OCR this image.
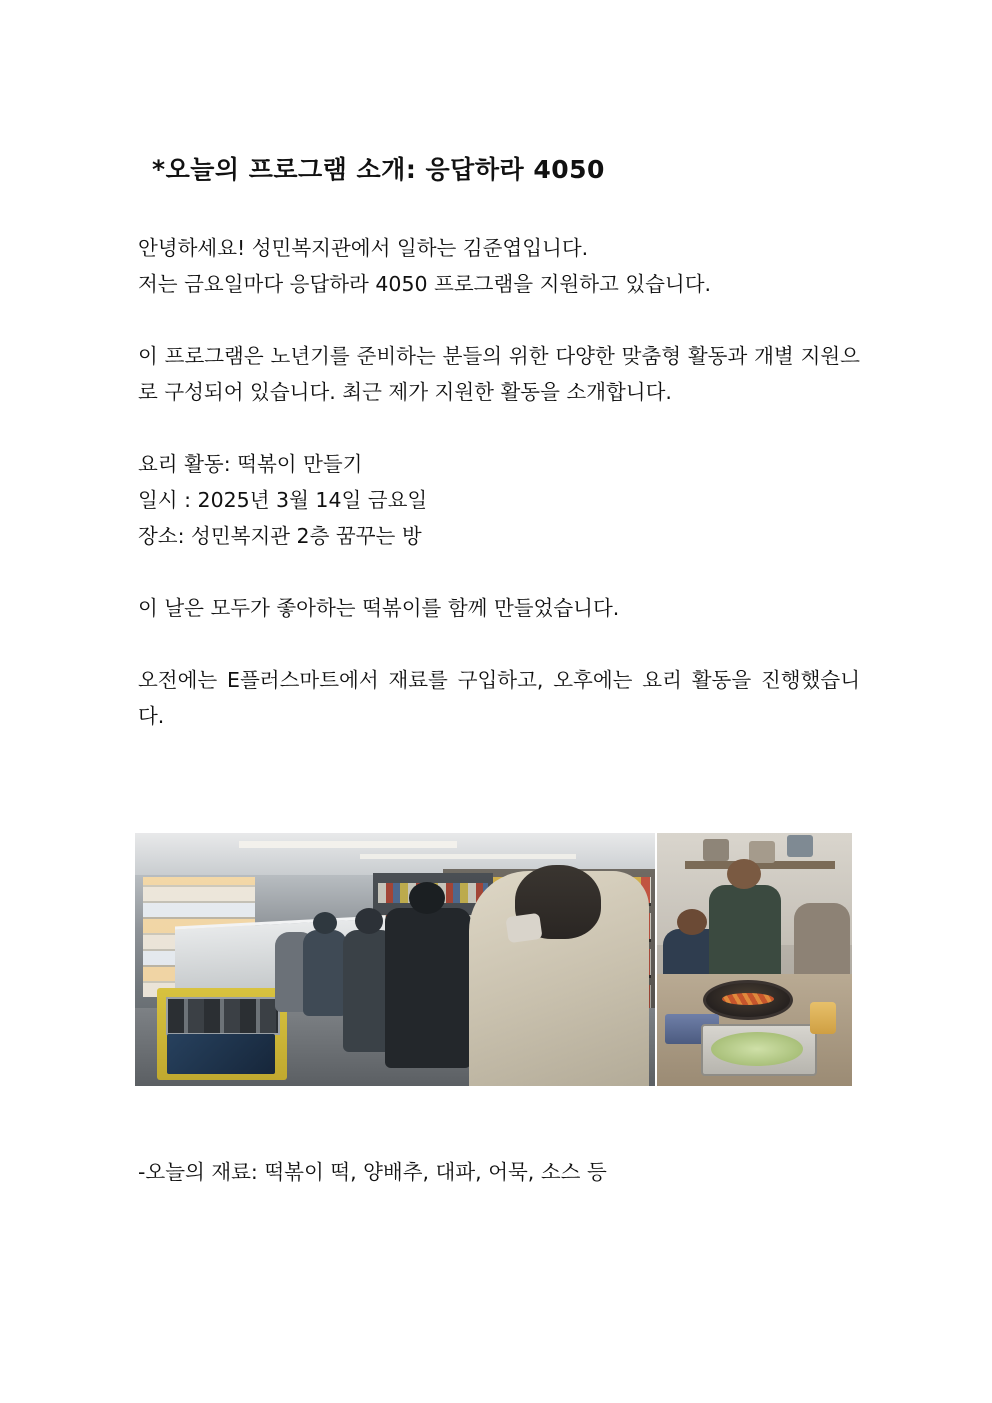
*오늘의 프로그램 소개: 응답하라 4050

안녕하세요! 성민복지관에서 일하는 김준엽입니다.
저는 금요일마다 응답하라 4050 프로그램을 지원하고 있습니다.

이 프로그램은 노년기를 준비하는 분들의 위한 다양한 맞춤형 활동과 개별 지원으로 구성되어 있습니다. 최근 제가 지원한 활동을 소개합니다.

요리 활동: 떡볶이 만들기
일시 : 2025년 3월 14일 금요일
장소: 성민복지관 2층 꿈꾸는 방

이 날은 모두가 좋아하는 떡볶이를 함께 만들었습니다.

오전에는 E플러스마트에서 재료를 구입하고, 오후에는 요리 활동을 진행했습니다.

-오늘의 재료: 떡볶이 떡, 양배추, 대파, 어묵, 소스 등
